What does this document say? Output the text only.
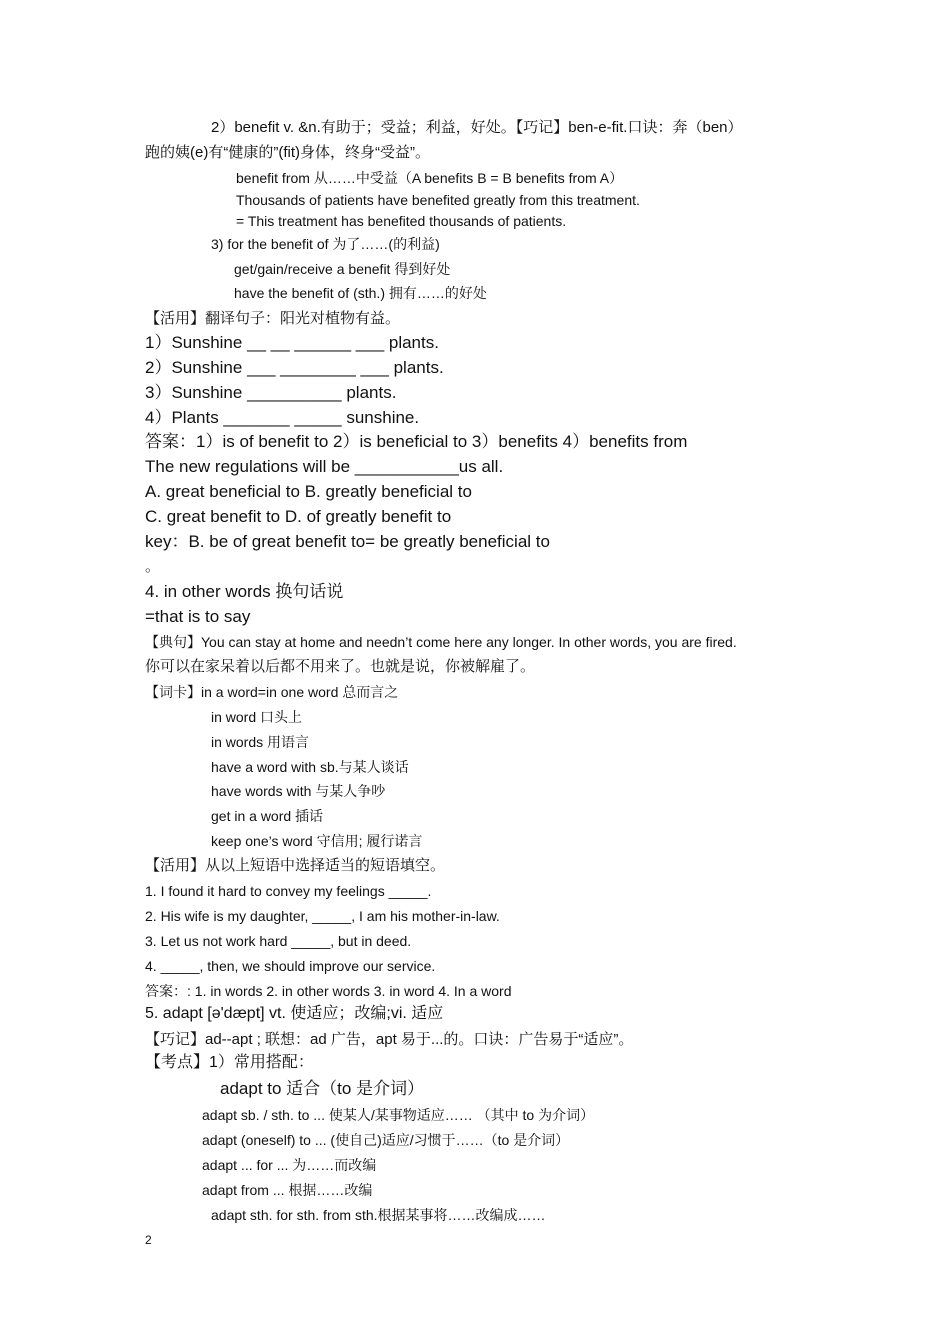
2）benefit v. &n.有助于；受益；利益，好处。【巧记】ben-e-fit.口诀：奔（ben）
跑的姨(e)有“健康的”(fit)身体，终身“受益”。
benefit from 从……中受益（A benefits B = B benefits from A）
Thousands of patients have benefited greatly from this treatment.
= This treatment has benefited thousands of patients.
3) for the benefit of 为了……(的利益)
get/gain/receive a benefit 得到好处
have the benefit of (sth.) 拥有……的好处
【活用】翻译句子：阳光对植物有益。
1）Sunshine __ __ ______ ___ plants.
2）Sunshine ___ ________ ___ plants.
3）Sunshine __________ plants.
4）Plants _______ _____ sunshine.
答案：1）is of benefit to 2）is beneficial to 3）benefits 4）benefits from
The new regulations will be ___________us all.
A. great beneficial to B. greatly beneficial to
C. great benefit to D. of greatly benefit to
key：B. be of great benefit to= be greatly beneficial to
。
4. in other words 换句话说
=that is to say
【典句】You can stay at home and needn’t come here any longer. In other words, you are fired.
你可以在家呆着以后都不用来了。也就是说，你被解雇了。
【词卡】in a word=in one word 总而言之
in word 口头上
in words 用语言
have a word with sb.与某人谈话
have words with 与某人争吵
get in a word 插话
keep one’s word 守信用; 履行诺言
【活用】从以上短语中选择适当的短语填空。
1. I found it hard to convey my feelings _____.
2. His wife is my daughter, _____, I am his mother-in-law.
3. Let us not work hard _____, but in deed.
4. _____, then, we should improve our service.
答案：: 1. in words 2. in other words 3. in word 4. In a word
5. adapt [ə'dæpt] vt. 使适应；改编;vi. 适应
【巧记】ad--apt ; 联想：ad 广告，apt 易于...的。口诀：广告易于“适应”。
【考点】1）常用搭配：
adapt to 适合（to 是介词）
adapt sb. / sth. to ... 使某人/某事物适应…… （其中 to 为介词）
adapt (oneself) to ... (使自己)适应/习惯于……（to 是介词）
adapt ... for ... 为……而改编
adapt from ... 根据……改编
adapt sth. for sth. from sth.根据某事将……改编成……
2
